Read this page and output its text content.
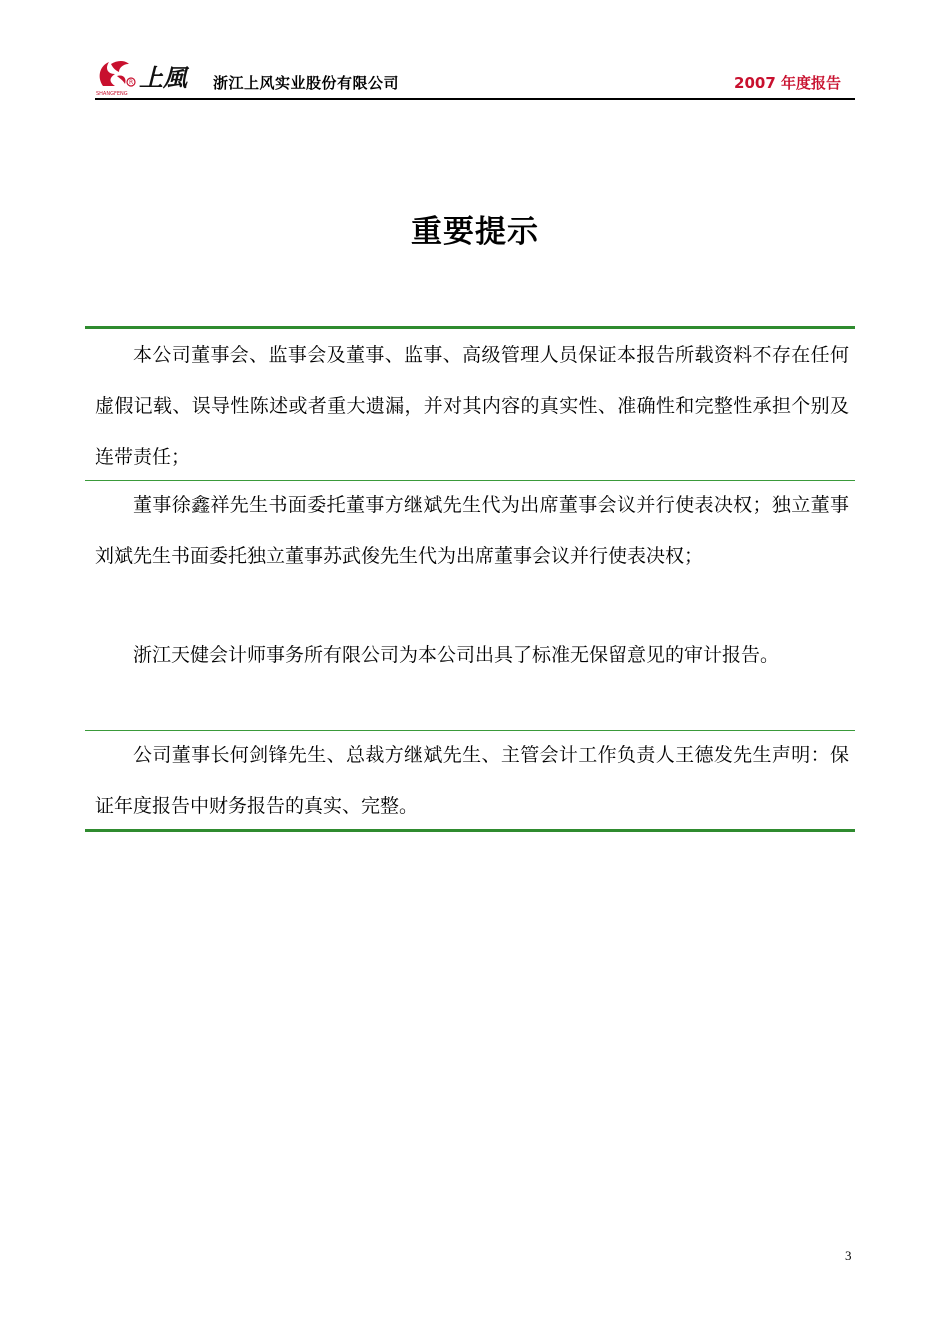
R
SHANGFENG
上風 浙江上风实业股份有限公司	2007 年度报告
重要提示
本公司董事会、监事会及董事、监事、高级管理人员保证本报告所载资料不存在任何虚假记载、误导性陈述或者重大遗漏，并对其内容的真实性、准确性和完整性承担个别及连带责任；
董事徐鑫祥先生书面委托董事方继斌先生代为出席董事会议并行使表决权；独立董事刘斌先生书面委托独立董事苏武俊先生代为出席董事会议并行使表决权；
浙江天健会计师事务所有限公司为本公司出具了标准无保留意见的审计报告。
公司董事长何剑锋先生、总裁方继斌先生、主管会计工作负责人王德发先生声明：保证年度报告中财务报告的真实、完整。
3
